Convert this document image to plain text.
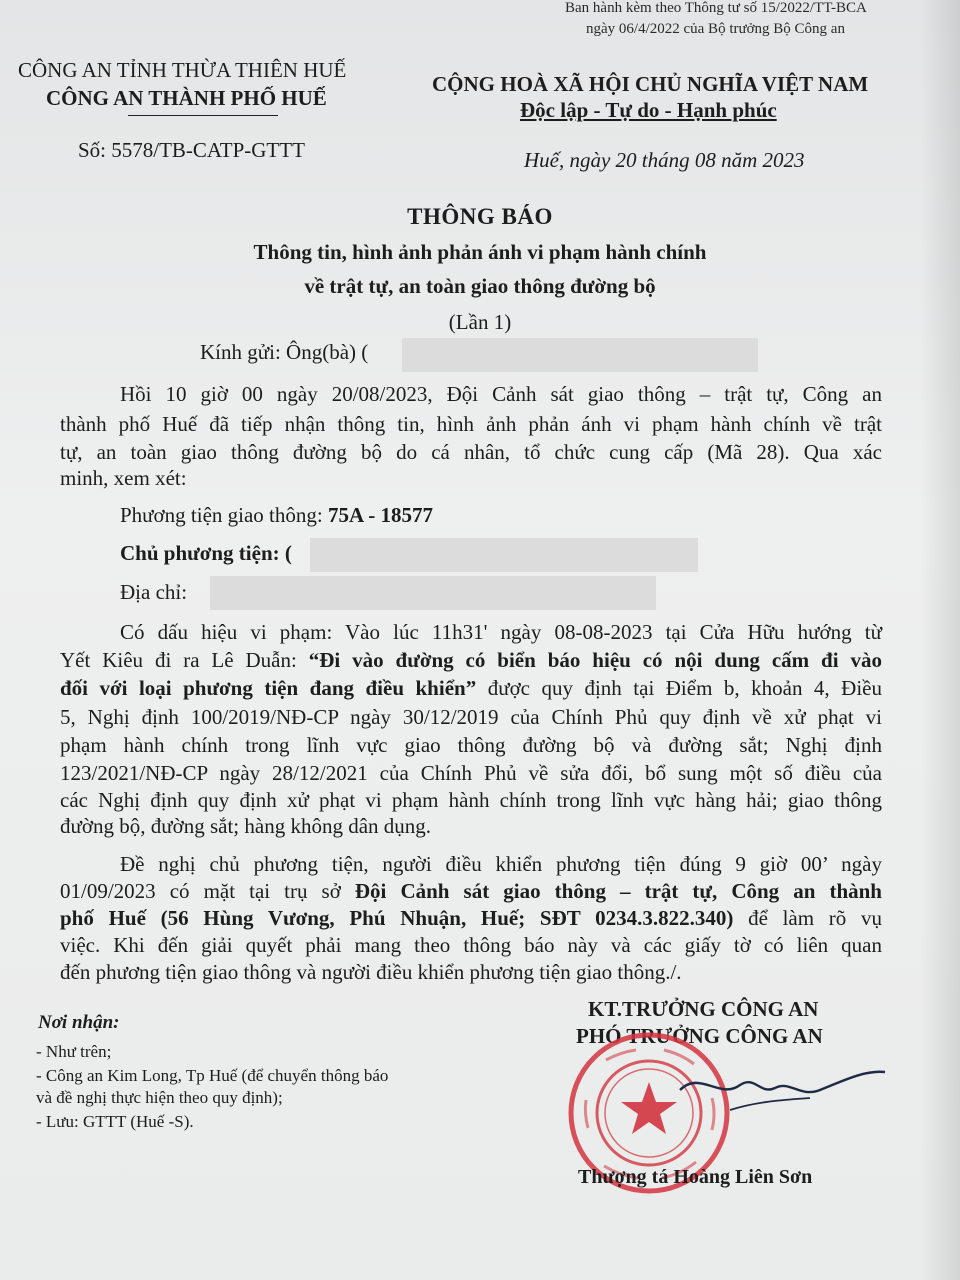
Ban hành kèm theo Thông tư số 15/2022/TT-BCA
ngày 06/4/2022 của Bộ trưởng Bộ Công an
CÔNG AN TỈNH THỪA THIÊN HUẾ
CÔNG AN THÀNH PHỐ HUẾ
Số: 5578/TB-CATP-GTTT
CỘNG HOÀ XÃ HỘI CHỦ NGHĨA VIỆT NAM
Độc lập - Tự do - Hạnh phúc
Huế, ngày 20 tháng 08 năm 2023
THÔNG BÁO
Thông tin, hình ảnh phản ánh vi phạm hành chính
về trật tự, an toàn giao thông đường bộ
(Lần 1)
Kính gửi: Ông(bà) (
Hồi 10 giờ 00 ngày 20/08/2023, Đội Cảnh sát giao thông – trật tự, Công an
thành phố Huế đã tiếp nhận thông tin, hình ảnh phản ánh vi phạm hành chính về trật
tự, an toàn giao thông đường bộ do cá nhân, tổ chức cung cấp (Mã 28). Qua xác
minh, xem xét:
Phương tiện giao thông: 75A - 18577
Chủ phương tiện: (
Địa chỉ:
Có dấu hiệu vi phạm: Vào lúc 11h31' ngày 08-08-2023 tại Cửa Hữu hướng từ
Yết Kiêu đi ra Lê Duẫn: “Đi vào đường có biển báo hiệu có nội dung cấm đi vào
đối với loại phương tiện đang điều khiển” được quy định tại Điểm b, khoản 4, Điều
5, Nghị định 100/2019/NĐ-CP ngày 30/12/2019 của Chính Phủ quy định về xử phạt vi
phạm hành chính trong lĩnh vực giao thông đường bộ và đường sắt; Nghị định
123/2021/NĐ-CP ngày 28/12/2021 của Chính Phủ về sửa đổi, bổ sung một số điều của
các Nghị định quy định xử phạt vi phạm hành chính trong lĩnh vực hàng hải; giao thông
đường bộ, đường sắt; hàng không dân dụng.
Đề nghị chủ phương tiện, người điều khiển phương tiện đúng 9 giờ 00’ ngày
01/09/2023 có mặt tại trụ sở Đội Cảnh sát giao thông – trật tự, Công an thành
phố Huế (56 Hùng Vương, Phú Nhuận, Huế; SĐT 0234.3.822.340) để làm rõ vụ
việc. Khi đến giải quyết phải mang theo thông báo này và các giấy tờ có liên quan
đến phương tiện giao thông và người điều khiển phương tiện giao thông./.
Nơi nhận:
- Như trên;
- Công an Kim Long, Tp Huế (để chuyển thông báo
và đề nghị thực hiện theo quy định);
- Lưu: GTTT (Huế -S).
KT.TRƯỞNG CÔNG AN
PHÓ TRƯỞNG CÔNG AN
Thượng tá Hoàng Liên Sơn
